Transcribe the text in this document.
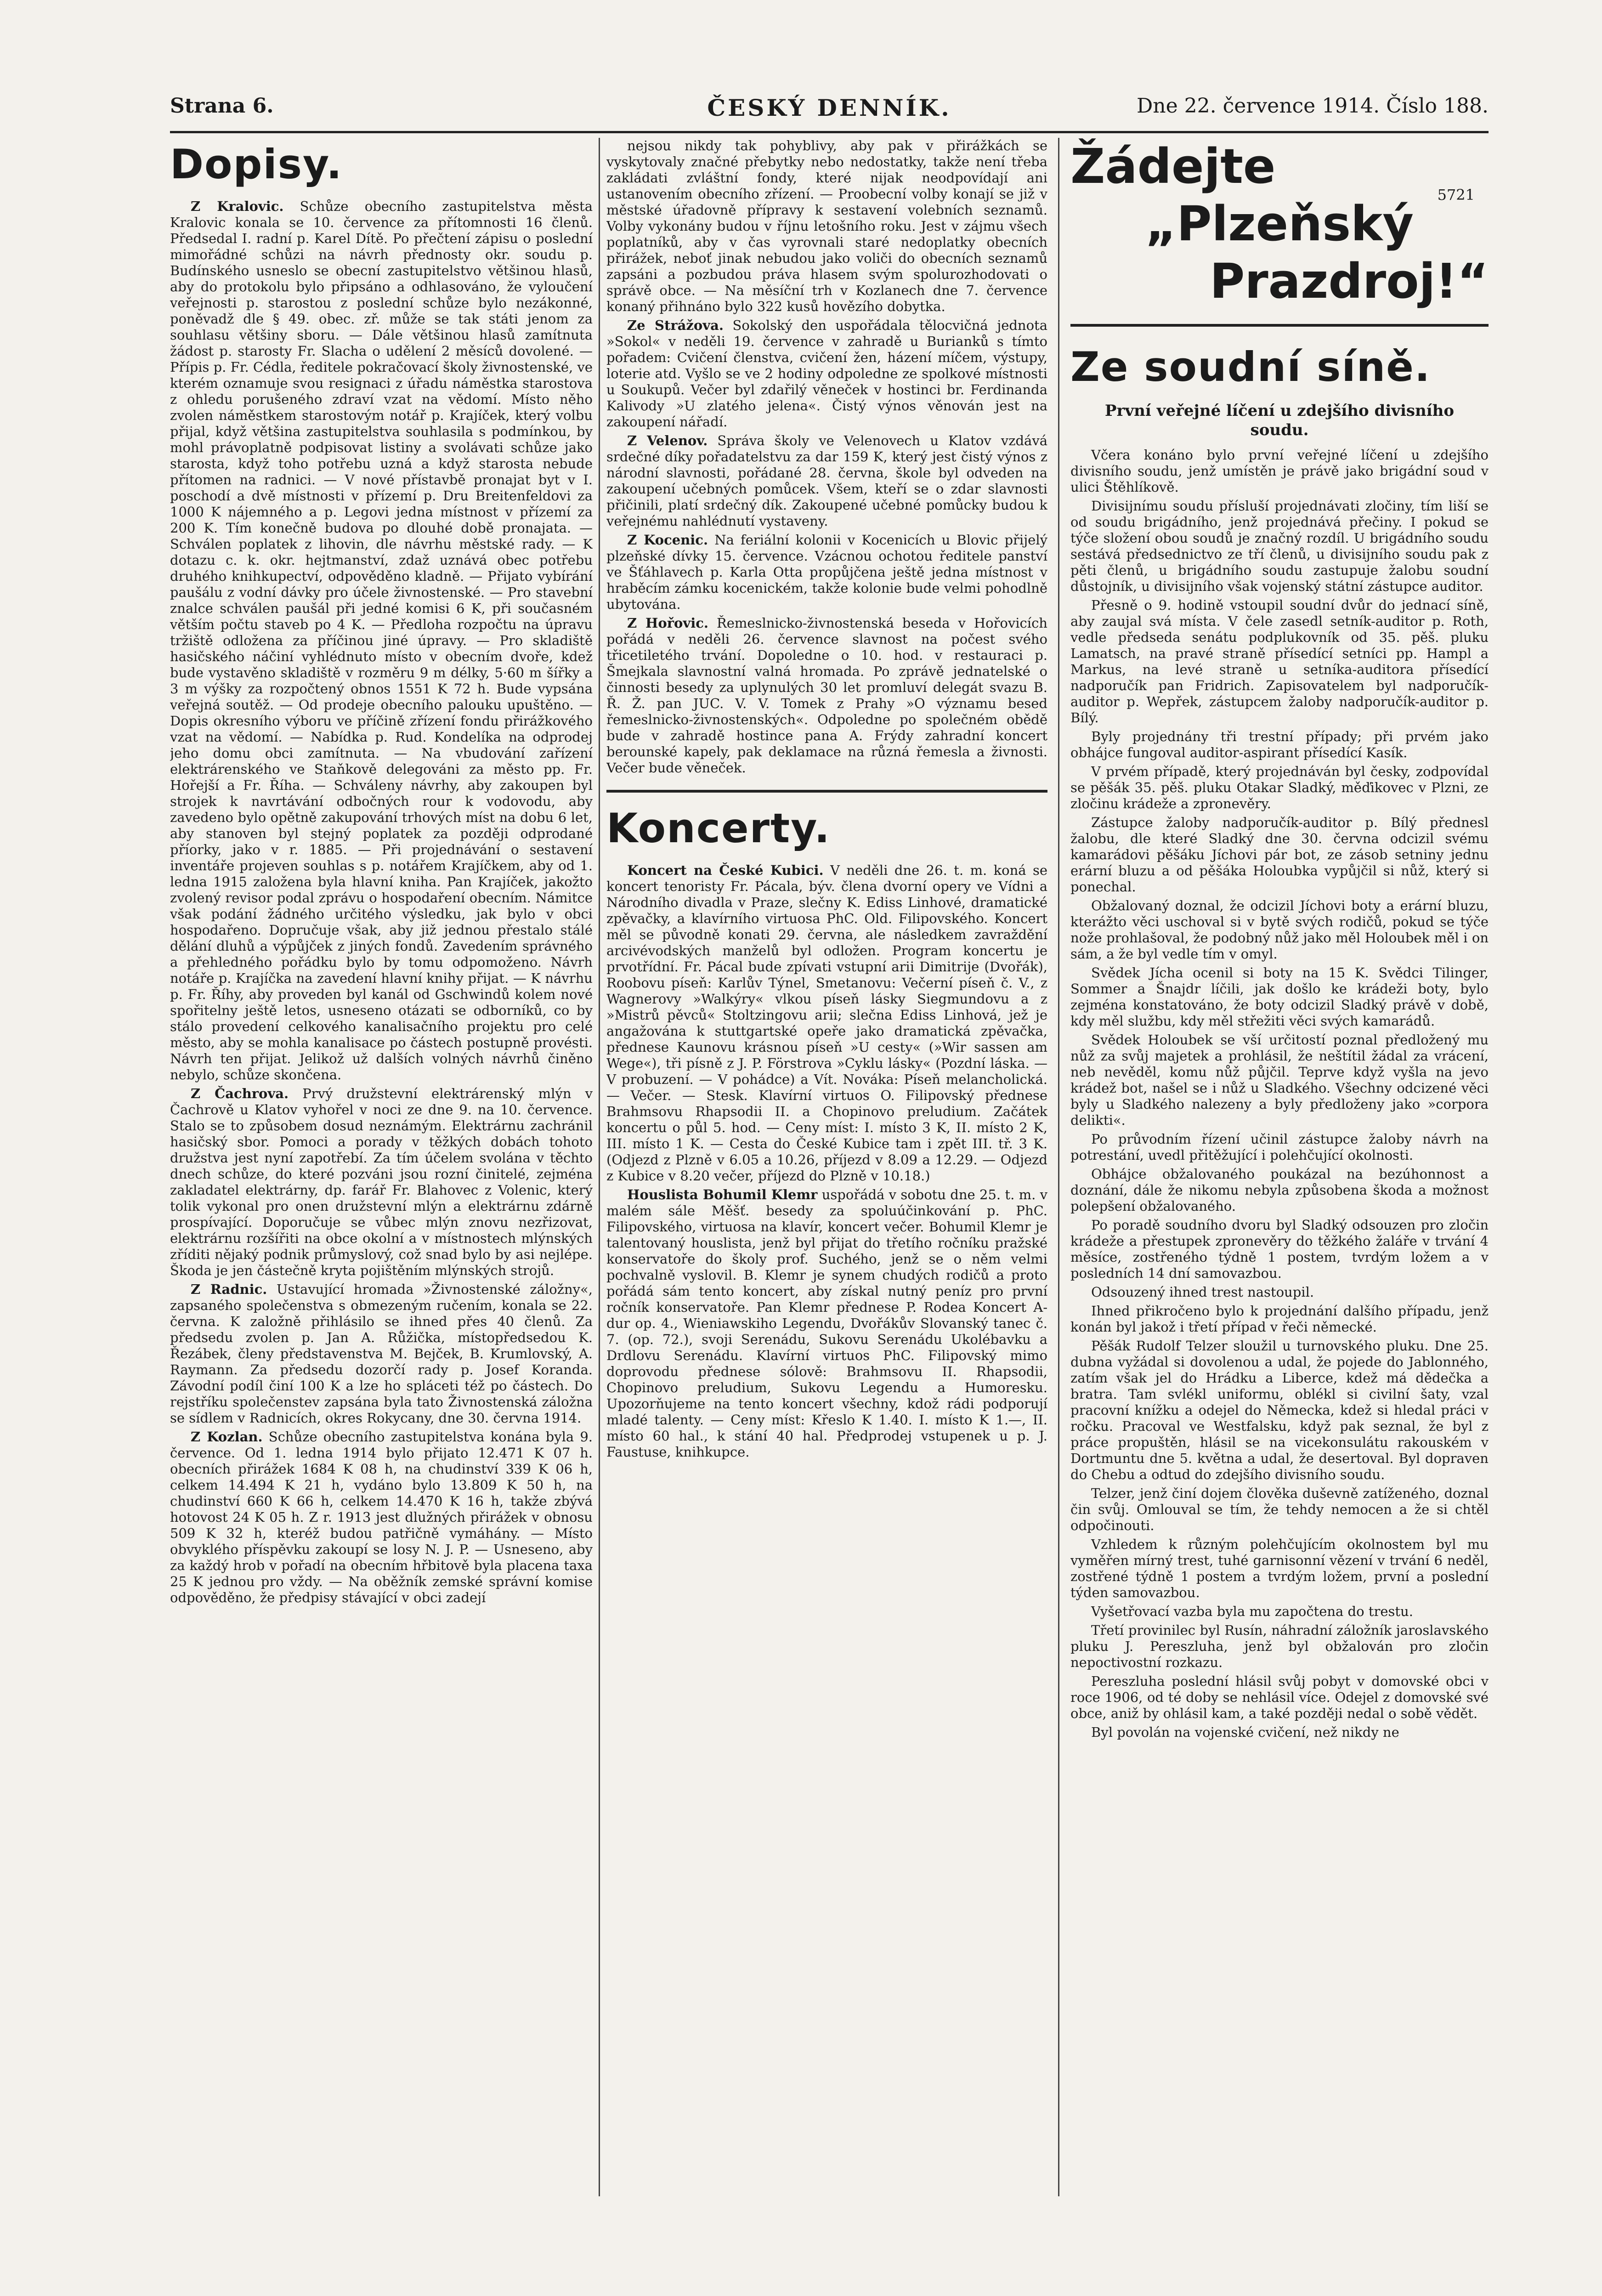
Strana 6.	ČESKÝ DENNÍK.	Dne 22. července 1914. Číslo 188.
Dopisy.

Z Kralovic. Schůze obecního zastupitelstva města Kralovic konala se 10. července za přítomnosti 16 členů. Předsedal I. radní p. Karel Dítě. Po přečtení zápisu o poslední mimořádné schůzi na návrh přednosty okr. soudu p. Budínského usneslo se obecní zastupitelstvo většinou hlasů, aby do protokolu bylo připsáno a odhlasováno, že vyloučení veřejnosti p. starostou z poslední schůze bylo nezákonné, poněvadž dle § 49. obec. zř. může se tak státi jenom za souhlasu většiny sboru. — Dále většinou hlasů zamítnuta žádost p. starosty Fr. Slacha o udělení 2 měsíců dovolené. — Přípis p. Fr. Cédla, ředitele pokračovací školy živnostenské, ve kterém oznamuje svou resignaci z úřadu náměstka starostova z ohledu porušeného zdraví vzat na vědomí. Místo něho zvolen náměstkem starostovým notář p. Krajíček, který volbu přijal, když většina zastupitelstva souhlasila s podmínkou, by mohl právoplatně podpisovat listiny a svolávati schůze jako starosta, když toho potřebu uzná a když starosta nebude přítomen na radnici. — V nové přístavbě pronajat byt v I. poschodí a dvě místnosti v přízemí p. Dru Breitenfeldovi za 1000 K nájemného a p. Legovi jedna místnost v přízemí za 200 K. Tím konečně budova po dlouhé době pronajata. — Schválen poplatek z lihovin, dle návrhu městské rady. — K dotazu c. k. okr. hejtmanství, zdaž uznává obec potřebu druhého knihkupectví, odpověděno kladně. — Přijato vybírání paušálu z vodní dávky pro účele živnostenské. — Pro stavební znalce schválen paušál při jedné komisi 6 K, při současném větším počtu staveb po 4 K. — Předloha rozpočtu na úpravu tržiště odložena za příčinou jiné úpravy. — Pro skladiště hasičského náčiní vyhlédnuto místo v obecním dvoře, kdež bude vystavěno skladiště v rozměru 9 m délky, 5·60 m šířky a 3 m výšky za rozpočtený obnos 1551 K 72 h. Bude vypsána veřejná soutěž. — Od prodeje obecního palouku upuštěno. — Dopis okresního výboru ve příčině zřízení fondu přirážkového vzat na vědomí. — Nabídka p. Rud. Kondelíka na odprodej jeho domu obci zamítnuta. — Na vbudování zařízení elektrárenského ve Staňkově delegováni za město pp. Fr. Hořejší a Fr. Říha. — Schváleny návrhy, aby zakoupen byl strojek k navrtávání odbočných rour k vodovodu, aby zavedeno bylo opětně zakupování trhových míst na dobu 6 let, aby stanoven byl stejný poplatek za později odprodané příorky, jako v r. 1885. — Při projednávání o sestavení inventáře projeven souhlas s p. notářem Krajíčkem, aby od 1. ledna 1915 založena byla hlavní kniha. Pan Krajíček, jakožto zvolený revisor podal zprávu o hospodaření obecním. Námitce však podání žádného určitého výsledku, jak bylo v obci hospodařeno. Dopručuje však, aby již jednou přestalo stálé dělání dluhů a výpůjček z jiných fondů. Zavedením správného a přehledného pořádku bylo by tomu odpomoženo. Návrh notáře p. Krajíčka na zavedení hlavní knihy přijat. — K návrhu p. Fr. Říhy, aby proveden byl kanál od Gschwindů kolem nové spořitelny ještě letos, usneseno otázati se odborníků, co by stálo provedení celkového kanalisačního projektu pro celé město, aby se mohla kanalisace po částech postupně provésti. Návrh ten přijat. Jelikož už dalších volných návrhů činěno nebylo, schůze skončena.

Z Čachrova. Prvý družstevní elektrárenský mlýn v Čachrově u Klatov vyhořel v noci ze dne 9. na 10. července. Stalo se to způsobem dosud neznámým. Elektrárnu zachránil hasičský sbor. Pomoci a porady v těžkých dobách tohoto družstva jest nyní zapotřebí. Za tím účelem svolána v těchto dnech schůze, do které pozváni jsou rozní činitelé, zejména zakladatel elektrárny, dp. farář Fr. Blahovec z Volenic, který tolik vykonal pro onen družstevní mlýn a elektrárnu zdárně prospívající. Doporučuje se vůbec mlýn znovu nezřizovat, elektrárnu rozšířiti na obce okolní a v místnostech mlýnských zříditi nějaký podnik průmyslový, což snad bylo by asi nejlépe. Škoda je jen částečně kryta pojištěním mlýnských strojů.

Z Radnic. Ustavující hromada »Živnostenské záložny«, zapsaného společenstva s obmezeným ručením, konala se 22. června. K založně přihlásilo se ihned přes 40 členů. Za předsedu zvolen p. Jan A. Růžička, místopředsedou K. Řezábek, členy představenstva M. Bejček, B. Krumlovský, A. Raymann. Za předsedu dozorčí rady p. Josef Korandа. Závodní podíl činí 100 K a lze ho spláceti též po částech. Do rejstříku společenstev zapsána byla tato Živnostenská záložna se sídlem v Radnicích, okres Rokycany, dne 30. června 1914.

Z Kozlan. Schůze obecního zastupitelstva konána byla 9. července. Od 1. ledna 1914 bylo přijato 12.471 K 07 h. obecních přirážek 1684 K 08 h, na chudinství 339 K 06 h, celkem 14.494 K 21 h, vydáno bylo 13.809 K 50 h, na chudinství 660 K 66 h, celkem 14.470 K 16 h, takže zbývá hotovost 24 K 05 h. Z r. 1913 jest dlužných přirážek v obnosu 509 K 32 h, kteréž budou patřičně vymáhány. — Místo obvyklého příspěvku zakoupí se losy N. J. P. — Usneseno, aby za každý hrob v pořadí na obecním hřbitově byla placena taxa 25 K jednou pro vždy. — Na oběžník zemské správní komise odpověděno, že předpisy stávající v obci zadejí

nejsou nikdy tak pohyblivy, aby pak v přirážkách se vyskytovaly značné přebytky nebo nedostatky, takže není třeba zakládati zvláštní fondy, které nijak neodpovídají ani ustanovením obecního zřízení. — Proobecní volby konají se již v městské úřadovně přípravy k sestavení volebních seznamů. Volby vykonány budou v říjnu letošního roku. Jest v zájmu všech poplatníků, aby v čas vyrovnali staré nedoplatky obecních přirážek, neboť jinak nebudou jako voliči do obecních seznamů zapsáni a pozbudou práva hlasem svým spolurozhodovati o správě obce. — Na měsíční trh v Kozlanech dne 7. července konaný přihnáno bylo 322 kusů hovězího dobytka.

Ze Strážova. Sokolský den uspořádala tělocvičná jednota »Sokol« v neděli 19. července v zahradě u Burianků s tímto pořadem: Cvičení členstva, cvičení žen, házení míčem, výstupy, loterie atd. Vyšlo se ve 2 hodiny odpoledne ze spolkové místnosti u Soukupů. Večer byl zdařilý věneček v hostinci br. Ferdinanda Kalivody »U zlatého jelena«. Čistý výnos věnován jest na zakoupení nářadí.

Z Velenov. Správa školy ve Velenovech u Klatov vzdává srdečné díky pořadatelstvu za dar 159 K, který jest čistý výnos z národní slavnosti, pořádané 28. června, škole byl odveden na zakoupení učebných pomůcek. Všem, kteří se o zdar slavnosti přičinili, platí srdečný dík. Zakoupené učebné pomůcky budou k veřejnému nahlédnutí vystaveny.

Z Kocenic. Na feriální kolonii v Kocenicích u Blovic přijelý plzeňské dívky 15. července. Vzácnou ochotou ředitele panství ve Šťáhlavech p. Karla Otta propůjčena ještě jedna místnost v hraběcím zámku kocenickém, takže kolonie bude velmi pohodlně ubytována.

Z Hořovic. Řemeslnicko-živnostenská beseda v Hořovicích pořádá v neděli 26. července slavnost na počest svého třicetiletého trvání. Dopoledne o 10. hod. v restauraci p. Šmejkala slavnostní valná hromada. Po zprávě jednatelské o činnosti besedy za uplynulých 30 let promluví delegát svazu B. Ř. Ž. pan JUC. V. V. Tomek z Prahy »O významu besed řemeslnicko-živnostenských«. Odpoledne po společném obědě bude v zahradě hostince pana A. Frýdy zahradní koncert berounské kapely, pak deklamace na různá řemesla a živnosti. Večer bude věneček.

Koncerty.

Koncert na České Kubici. V neděli dne 26. t. m. koná se koncert tenoristy Fr. Pácala, býv. člena dvorní opery ve Vídni a Národního divadla v Praze, slečny K. Ediss Linhové, dramatické zpěvačky, a klavírního virtuosa PhC. Old. Filipovského. Koncert měl se původně konati 29. června, ale následkem zavraždění arcivévodských manželů byl odložen. Program koncertu je prvotřídní. Fr. Pácal bude zpívati vstupní arii Dimitrije (Dvořák), Roobovu píseň: Karlův Týnel, Smetanovu: Večerní píseň č. V., z Wagnerovy »Walkýry« vlkou píseň lásky Siegmundovu a z »Mistrů pěvců« Stoltzingovu arii; slečna Ediss Linhová, jež je angažována k stuttgartské opeře jako dramatická zpěvačka, přednese Kaunovu krásnou píseň »U cesty« (»Wir sassen am Wege«), tři písně z J. P. Förstrova »Cyklu lásky« (Pozdní láska. — V probuzení. — V pohádce) a Vít. Nováka: Píseň melancholická. — Večer. — Stesk. Klavírní virtuos O. Filipovský přednese Brahmsovu Rhapsodii II. a Chopinovo preludium. Začátek koncertu o půl 5. hod. — Ceny míst: I. místo 3 K, II. místo 2 K, III. místo 1 K. — Cesta do České Kubice tam i zpět III. tř. 3 K. (Odjezd z Plzně v 6.05 a 10.26, příjezd v 8.09 a 12.29. — Odjezd z Kubice v 8.20 večer, příjezd do Plzně v 10.18.)

Houslista Bohumil Klemr uspořádá v sobotu dne 25. t. m. v malém sále Měšť. besedy za spoluúčinkování p. PhC. Filipovského, virtuosa na klavír, koncert večer. Bohumil Klemr je talentovaný houslista, jenž byl přijat do třetího ročníku pražské konservatoře do školy prof. Suchého, jenž se o něm velmi pochvalně vyslovil. B. Klemr je synem chudých rodičů a proto pořádá sám tento koncert, aby získal nutný peníz pro první ročník konservatoře. Pan Klemr přednese P. Rodea Koncert A-dur op. 4., Wieniawskiho Legendu, Dvořákův Slovanský tanec č. 7. (op. 72.), svoji Serenádu, Sukovu Serenádu Ukolébavku a Drdlovu Serenádu. Klavírní virtuos PhC. Filipovský mimo doprovodu přednese sólově: Brahmsovu II. Rhapsodii, Chopinovo preludium, Sukovu Legendu a Humoresku. Upozorňujeme na tento koncert všechny, kdož rádi podporují mladé talenty. — Ceny míst: Křeslo K 1.40. I. místo K 1.—, II. místo 60 hal., k stání 40 hal. Předprodej vstupenek u p. J. Faustuse, knihkupce.

Žádejte
„Plzeňský
Prazdroj!“
5721
Ze soudní síně.
První veřejné líčení u zdejšího divisního soudu.

Včera konáno bylo první veřejné líčení u zdejšího divisního soudu, jenž umístěn je právě jako brigádní soud v ulici Štěhlíkově.

Divisijnímu soudu přísluší projednávati zločiny, tím liší se od soudu brigádního, jenž projednává přečiny. I pokud se týče složení obou soudů je značný rozdíl. U brigádního soudu sestává předsednictvo ze tří členů, u divisijního soudu pak z pěti členů, u brigádního soudu zastupuje žalobu soudní důstojník, u divisijního však vojenský státní zástupce auditor.

Přesně o 9. hodině vstoupil soudní dvůr do jednací síně, aby zaujal svá místa. V čele zasedl setník-auditor p. Roth, vedle předseda senátu podplukovník od 35. pěš. pluku Lamatsch, na pravé straně přísedící setníci pp. Hampl a Markus, na levé straně u setníka-auditora přísedící nadporučík pan Fridrich. Zapisovatelem byl nadporučík-auditor p. Wepřek, zástupcem žaloby nadporučík-auditor p. Bílý.

Byly projednány tři trestní případy; při prvém jako obhájce fungoval auditor-aspirant přísedící Kasík.

V prvém případě, který projednáván byl česky, zodpovídal se pěšák 35. pěš. pluku Otakar Sladký, měďikovec v Plzni, ze zločinu krádeže a zpronevěry.

Zástupce žaloby nadporučík-auditor p. Bílý přednesl žalobu, dle které Sladký dne 30. června odcizil svému kamarádovi pěšáku Jíchovi pár bot, ze zásob setniny jednu erární bluzu a od pěšáka Holoubka vypůjčil si nůž, který si ponechal.

Obžalovaný doznal, že odcizil Jíchovi boty a erární bluzu, kterážto věci uschoval si v bytě svých rodičů, pokud se týče nože prohlašoval, že podobný nůž jako měl Holoubek měl i on sám, a že byl vedle tím v omyl.

Svědek Jícha ocenil si boty na 15 K. Svědci Tilinger, Sommer a Šnajdr líčili, jak došlo ke krádeži boty, bylo zejména konstatováno, že boty odcizil Sladký právě v době, kdy měl službu, kdy měl střežiti věci svých kamarádů.

Svědek Holoubek se vší určitostí poznal předložený mu nůž za svůj majetek a prohlásil, že neštítil žádal za vrácení, neb nevěděl, komu nůž půjčil. Teprve když vyšla na jevo krádež bot, našel se i nůž u Sladkého. Všechny odcizené věci byly u Sladkého nalezeny a byly předloženy jako »corpora delikti«.

Po průvodním řízení učinil zástupce žaloby návrh na potrestání, uvedl přitěžující i polehčující okolnosti.

Obhájce obžalovaného poukázal na bezúhonnost a doznání, dále že nikomu nebyla způsobena škoda a možnost polepšení obžalovaného.

Po poradě soudního dvoru byl Sladký odsouzen pro zločin krádeže a přestupek zpronevěry do těžkého žaláře v trvání 4 měsíce, zostřeného týdně 1 postem, tvrdým ložem a v posledních 14 dní samovazbou.

Odsouzený ihned trest nastoupil.

Ihned přikročeno bylo k projednání dalšího případu, jenž konán byl jakož i třetí případ v řeči německé.

Pěšák Rudolf Telzer sloužil u turnovského pluku. Dne 25. dubna vyžádal si dovolenou a udal, že pojede do Jablonného, zatím však jel do Hrádku a Liberce, kdež má dědečka a bratra. Tam svlékl uniformu, oblékl si civilní šaty, vzal pracovní knížku a odejel do Německa, kdež si hledal práci v ročku. Pracoval ve Westfalsku, když pak seznal, že byl z práce propuštěn, hlásil se na vicekonsulátu rakouském v Dortmuntu dne 5. května a udal, že desertoval. Byl dopraven do Chebu a odtud do zdejšího divisního soudu.

Telzer, jenž činí dojem člověka duševně zatíženého, doznal čin svůj. Omlouval se tím, že tehdy nemocen a že si chtěl odpočinouti.

Vzhledem k různým polehčujícím okolnostem byl mu vyměřen mírný trest, tuhé garnisonní vězení v trvání 6 neděl, zostřené týdně 1 postem a tvrdým ložem, první a poslední týden samovazbou.

Vyšetřovací vazba byla mu započtena do trestu.

Třetí provinilec byl Rusín, náhradní záložník jaroslavského pluku J. Pereszluha, jenž byl obžalován pro zločin nepoctivostní rozkazu.

Pereszluha poslední hlásil svůj pobyt v domovské obci v roce 1906, od té doby se nehlásil více. Odejel z domovské své obce, aniž by ohlásil kam, a také později nedal o sobě vědět.

Byl povolán na vojenské cvičení, než nikdy ne
